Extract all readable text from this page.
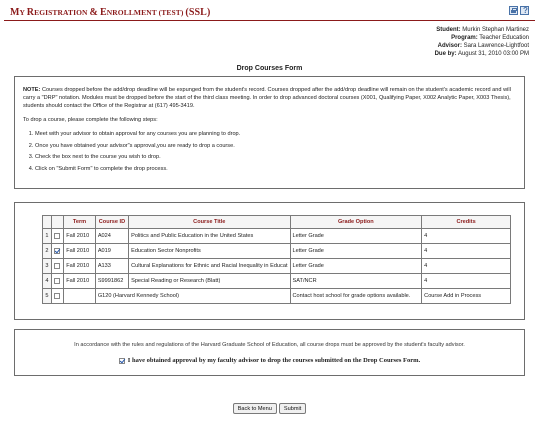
MY REGISTRATION & ENROLLMENT (TEST) (SSL)
?
Student: Murkin Stephan Martinez
Program: Teacher Education
Advisor: Sara Lawrence-Lightfoot
Due by: August 31, 2010 03:00 PM
Drop Courses Form

NOTE: Courses dropped before the add/drop deadline will be expunged from the student's record. Courses dropped after the add/drop deadline will remain on the student's academic record and will carry a "DRP" notation. Modules must be dropped before the start of the third class meeting. In order to drop advanced doctoral courses (X001, Qualifying Paper, X002 Analytic Paper, X003 Thesis), students should contact the Office of the Registrar at (617) 495-3419.

To drop a course, please complete the following steps:

1. Meet with your advisor to obtain approval for any courses you are planning to drop.
2. Once you have obtained your advisor"s approval,you are ready to drop a course.
3. Check the box next to the course you wish to drop.
4. Click on "Submit Form" to complete the drop process.
		Term	Course ID	Course Title	Grade Option	Credits
1		Fall 2010	A024	Politics and Public Education in the United States	Letter Grade	4
2		Fall 2010	A019	Education Sector Nonprofits	Letter Grade	4
3		Fall 2010	A133	Cultural Explanations for Ethnic and Racial Inequality in Educat	Letter Grade	4
4		Fall 2010	S9991862	Special Reading or Research (Blatt)	SAT/NCR	4
5			G120 (Harvard Kennedy School)		Contact host school for grade options available.	Course Add in Process
In accordance with the rules and regulations of the Harvard Graduate School of Education, all course drops must be approved by the student's faculty advisor.
I have obtained approval by my faculty advisor to drop the courses submitted on the Drop Courses Form.
Back to Menu	Submit
